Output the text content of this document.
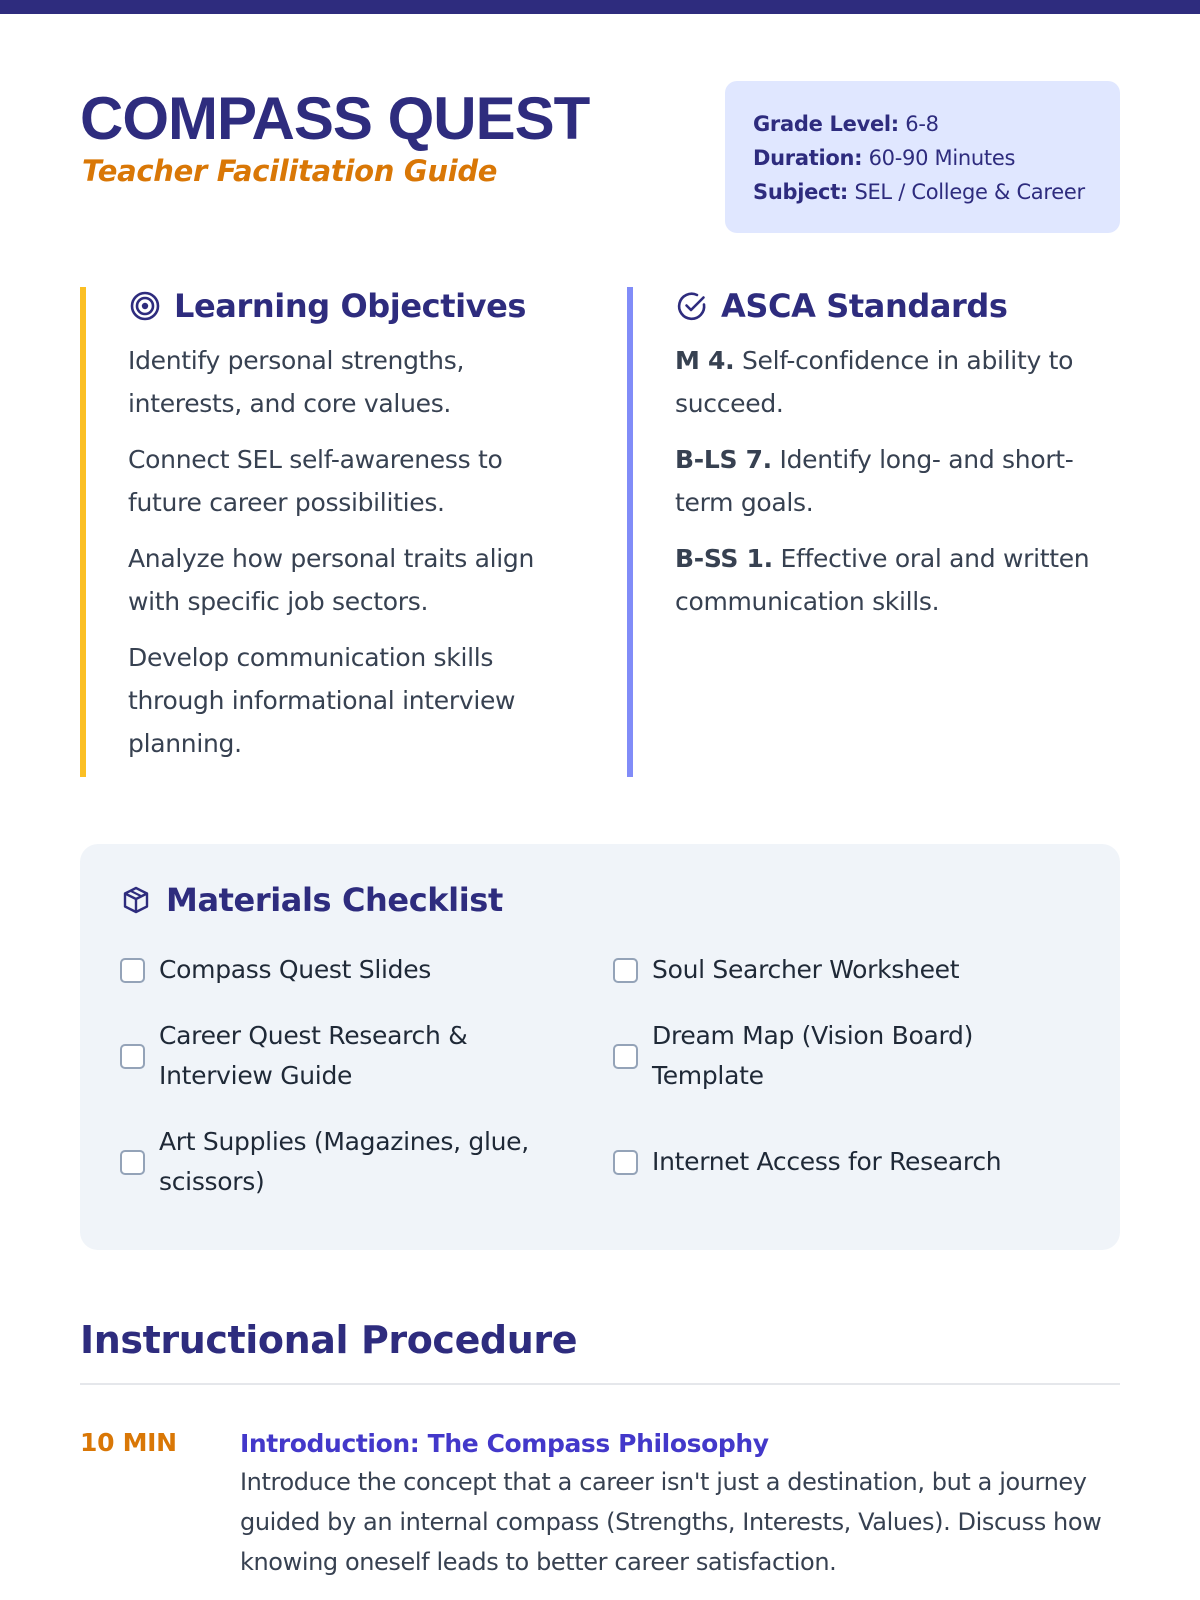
COMPASS QUEST
Teacher Facilitation Guide
Grade Level: 6-8
Duration: 60-90 Minutes
Subject: SEL / College & Career
Learning Objectives
Identify personal strengths, interests, and core values.
Connect SEL self-awareness to future career possibilities.
Analyze how personal traits align with specific job sectors.
Develop communication skills through informational interview planning.
ASCA Standards
M 4. Self-confidence in ability to succeed.
B-LS 7. Identify long- and short-term goals.
B-SS 1. Effective oral and written communication skills.
Materials Checklist
Compass Quest Slides	Soul Searcher Worksheet
Career Quest Research & Interview Guide
Dream Map (Vision Board) Template
Art Supplies (Magazines, glue, scissors)
Internet Access for Research
Instructional Procedure
10 MIN	Introduction: The Compass Philosophy
Introduce the concept that a career isn't just a destination, but a journey guided by an internal compass (Strengths, Interests, Values). Discuss how knowing oneself leads to better career satisfaction.
